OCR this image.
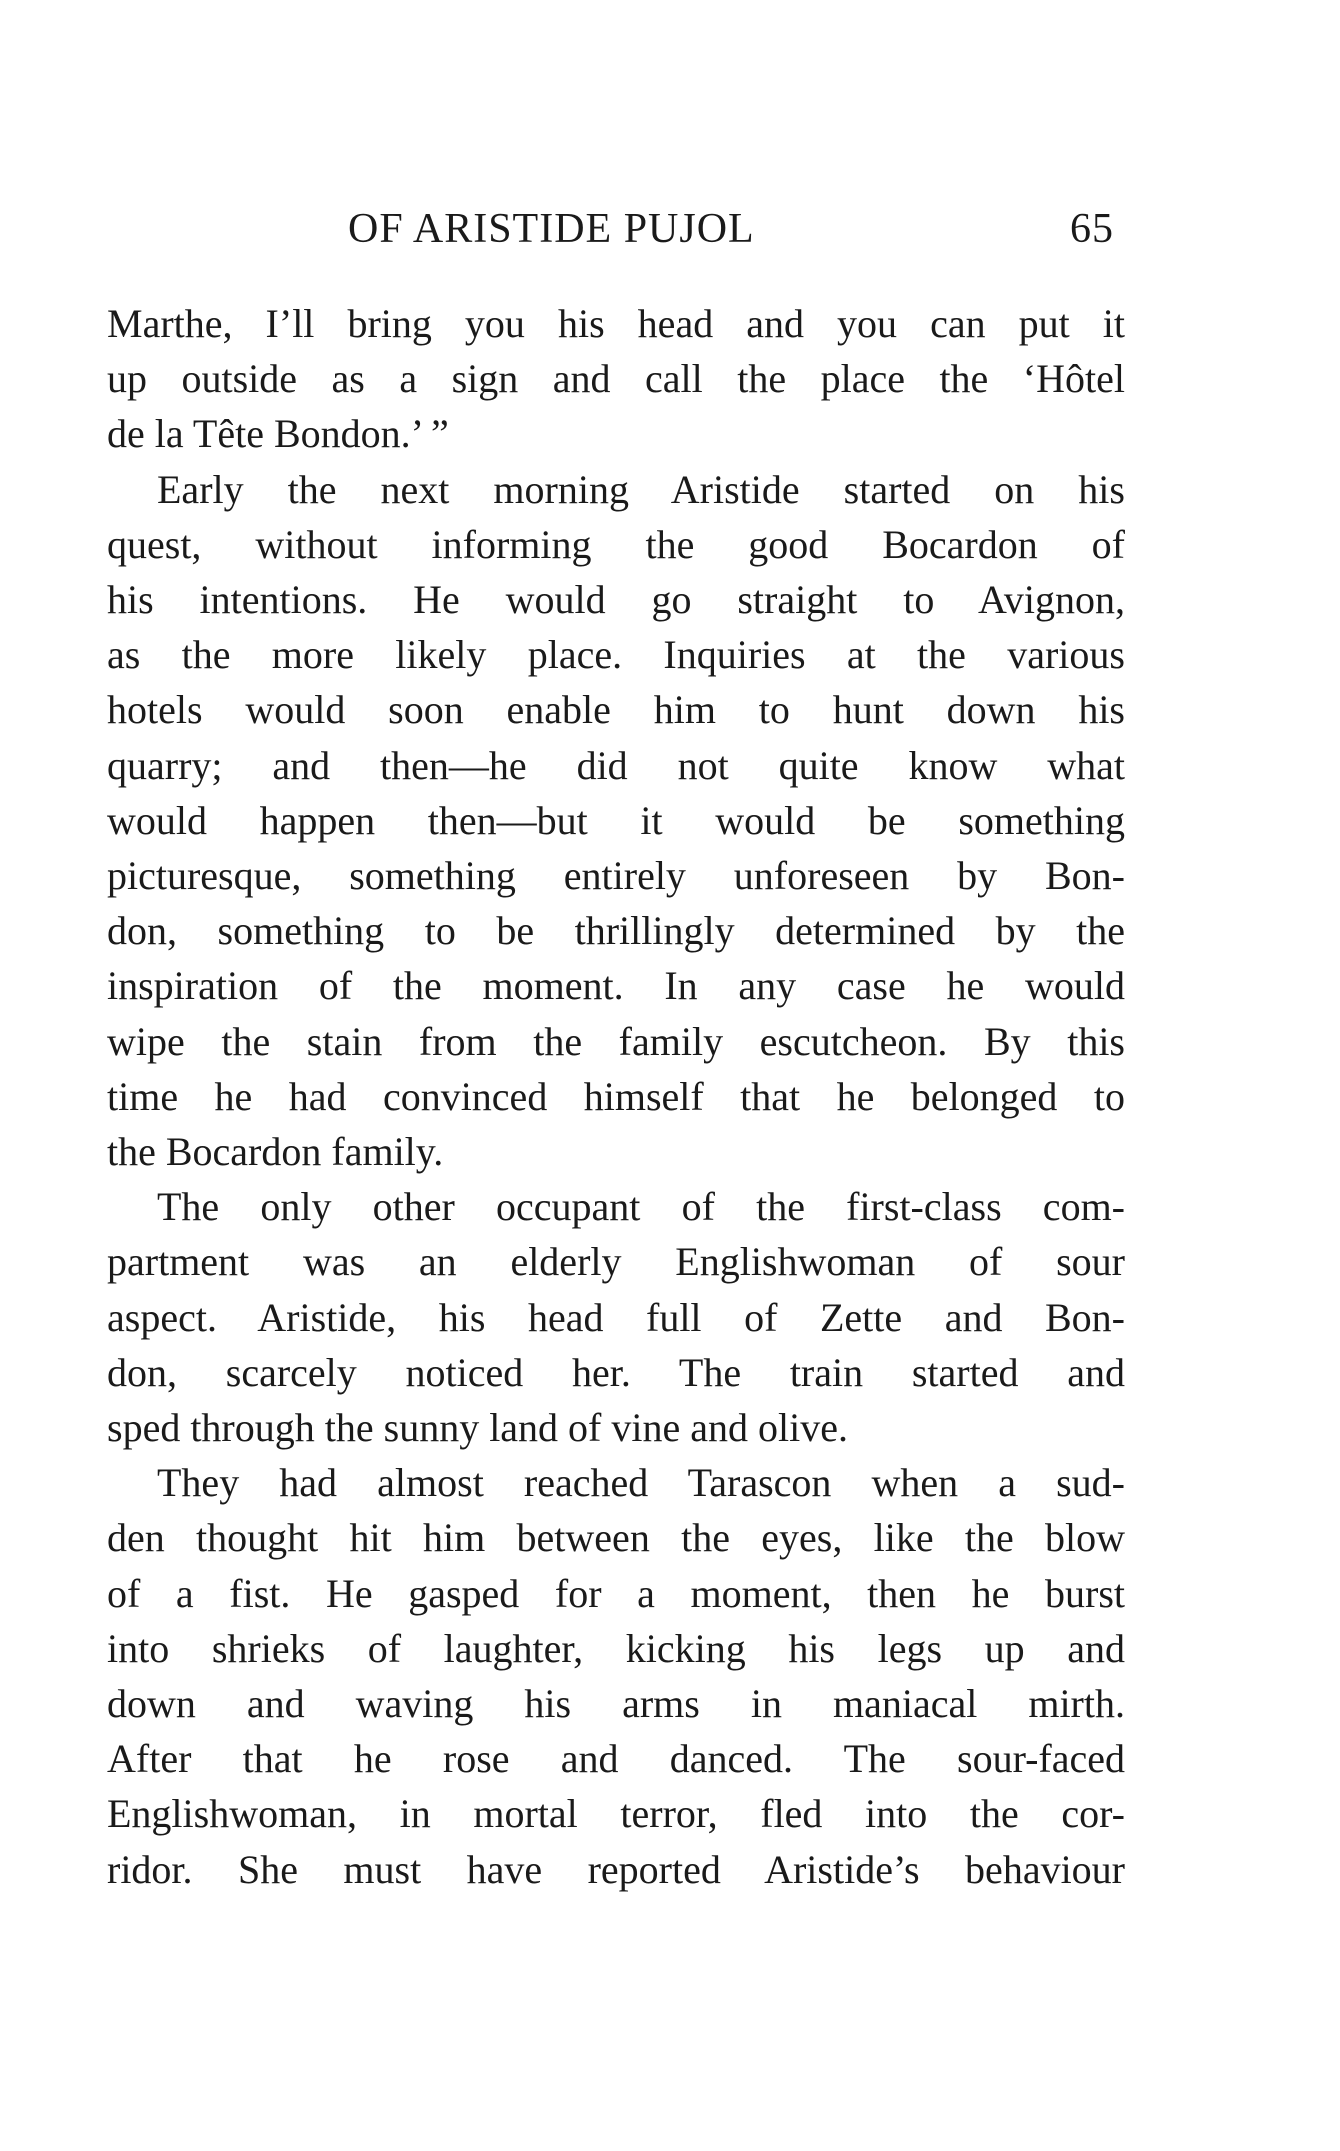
OF ARISTIDE PUJOL	65
Marthe, I’ll bring you his head and you can put it
up outside as a sign and call the place the ‘Hôtel
de la Tête Bondon.’ ”
Early the next morning Aristide started on his
quest, without informing the good Bocardon of
his intentions. He would go straight to Avignon,
as the more likely place. Inquiries at the various
hotels would soon enable him to hunt down his
quarry; and then—he did not quite know what
would happen then—but it would be something
picturesque, something entirely unforeseen by Bon-
don, something to be thrillingly determined by the
inspiration of the moment. In any case he would
wipe the stain from the family escutcheon. By this
time he had convinced himself that he belonged to
the Bocardon family.
The only other occupant of the first-class com-
partment was an elderly Englishwoman of sour
aspect. Aristide, his head full of Zette and Bon-
don, scarcely noticed her. The train started and
sped through the sunny land of vine and olive.
They had almost reached Tarascon when a sud-
den thought hit him between the eyes, like the blow
of a fist. He gasped for a moment, then he burst
into shrieks of laughter, kicking his legs up and
down and waving his arms in maniacal mirth.
After that he rose and danced. The sour-faced
Englishwoman, in mortal terror, fled into the cor-
ridor. She must have reported Aristide’s behaviour
